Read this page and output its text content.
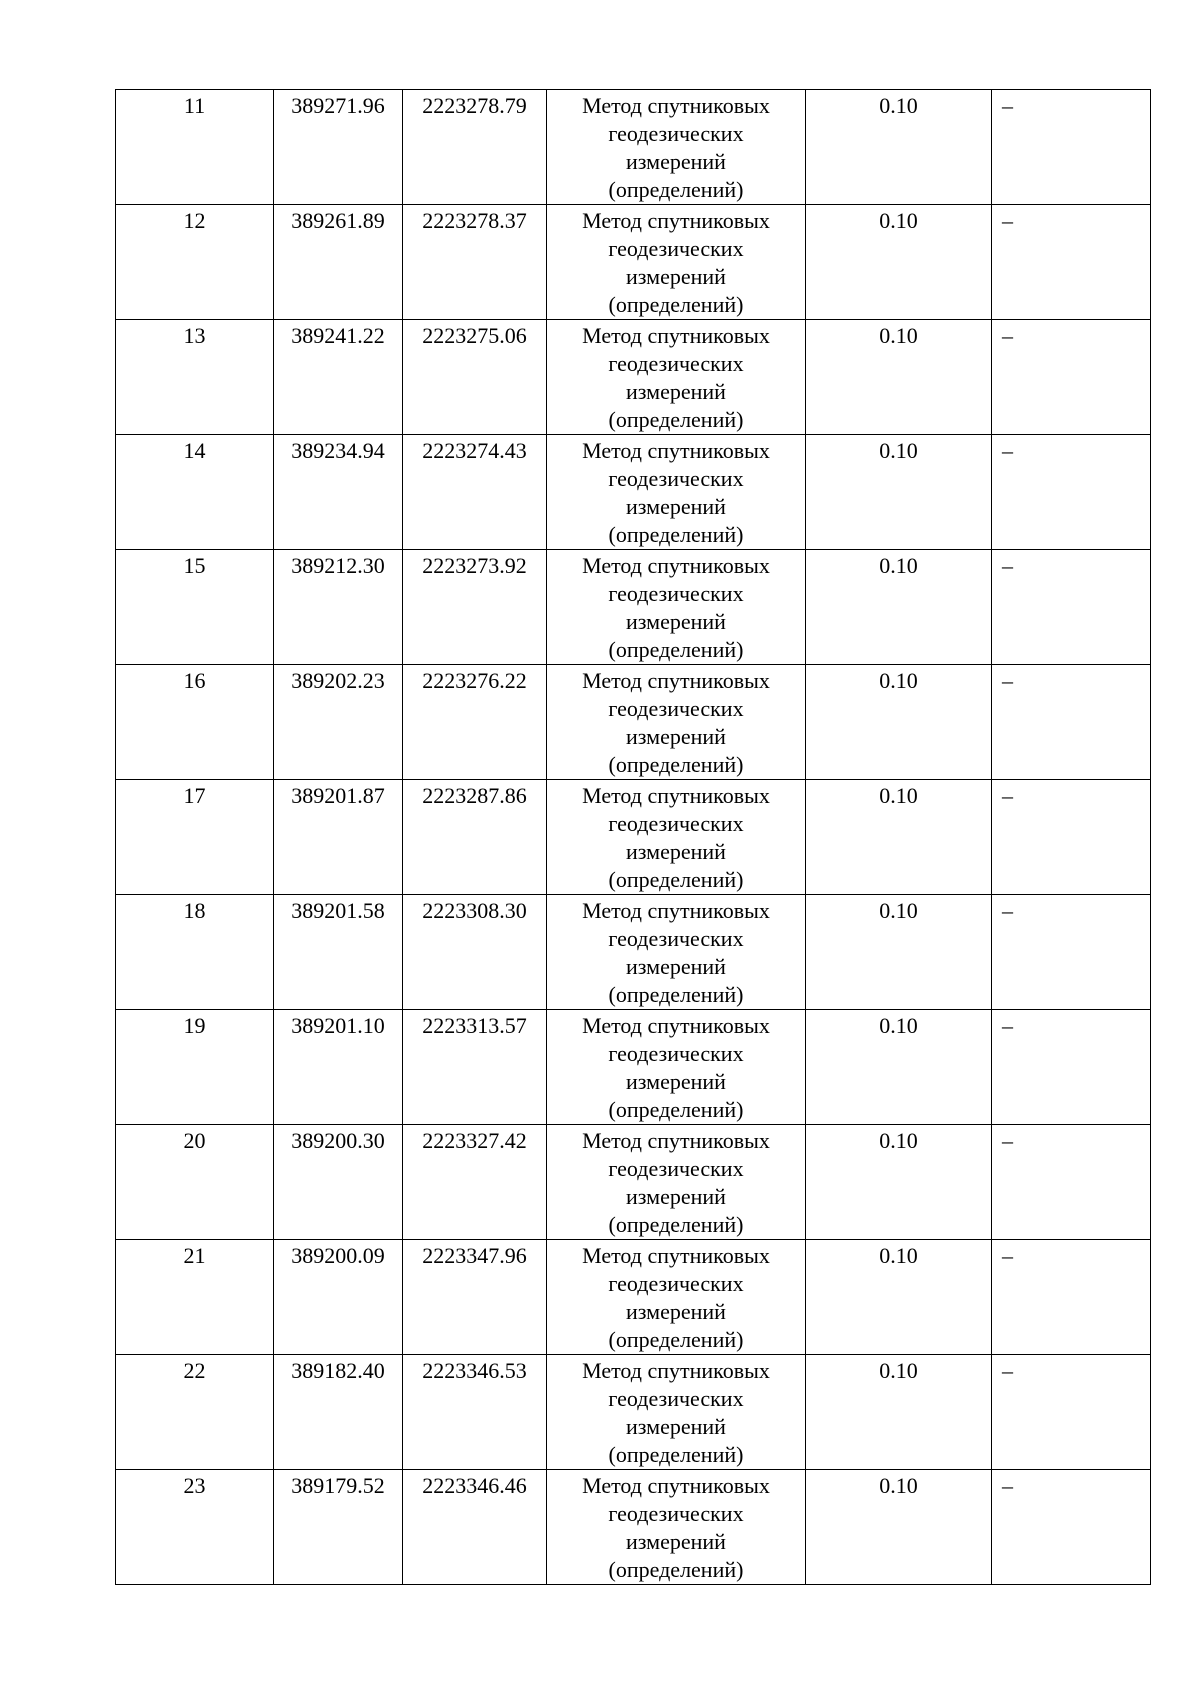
11	389271.96	2223278.79	Метод спутниковых
геодезических
измерений
(определений)	0.10	–
12	389261.89	2223278.37	Метод спутниковых
геодезических
измерений
(определений)	0.10	–
13	389241.22	2223275.06	Метод спутниковых
геодезических
измерений
(определений)	0.10	–
14	389234.94	2223274.43	Метод спутниковых
геодезических
измерений
(определений)	0.10	–
15	389212.30	2223273.92	Метод спутниковых
геодезических
измерений
(определений)	0.10	–
16	389202.23	2223276.22	Метод спутниковых
геодезических
измерений
(определений)	0.10	–
17	389201.87	2223287.86	Метод спутниковых
геодезических
измерений
(определений)	0.10	–
18	389201.58	2223308.30	Метод спутниковых
геодезических
измерений
(определений)	0.10	–
19	389201.10	2223313.57	Метод спутниковых
геодезических
измерений
(определений)	0.10	–
20	389200.30	2223327.42	Метод спутниковых
геодезических
измерений
(определений)	0.10	–
21	389200.09	2223347.96	Метод спутниковых
геодезических
измерений
(определений)	0.10	–
22	389182.40	2223346.53	Метод спутниковых
геодезических
измерений
(определений)	0.10	–
23	389179.52	2223346.46	Метод спутниковых
геодезических
измерений
(определений)	0.10	–
